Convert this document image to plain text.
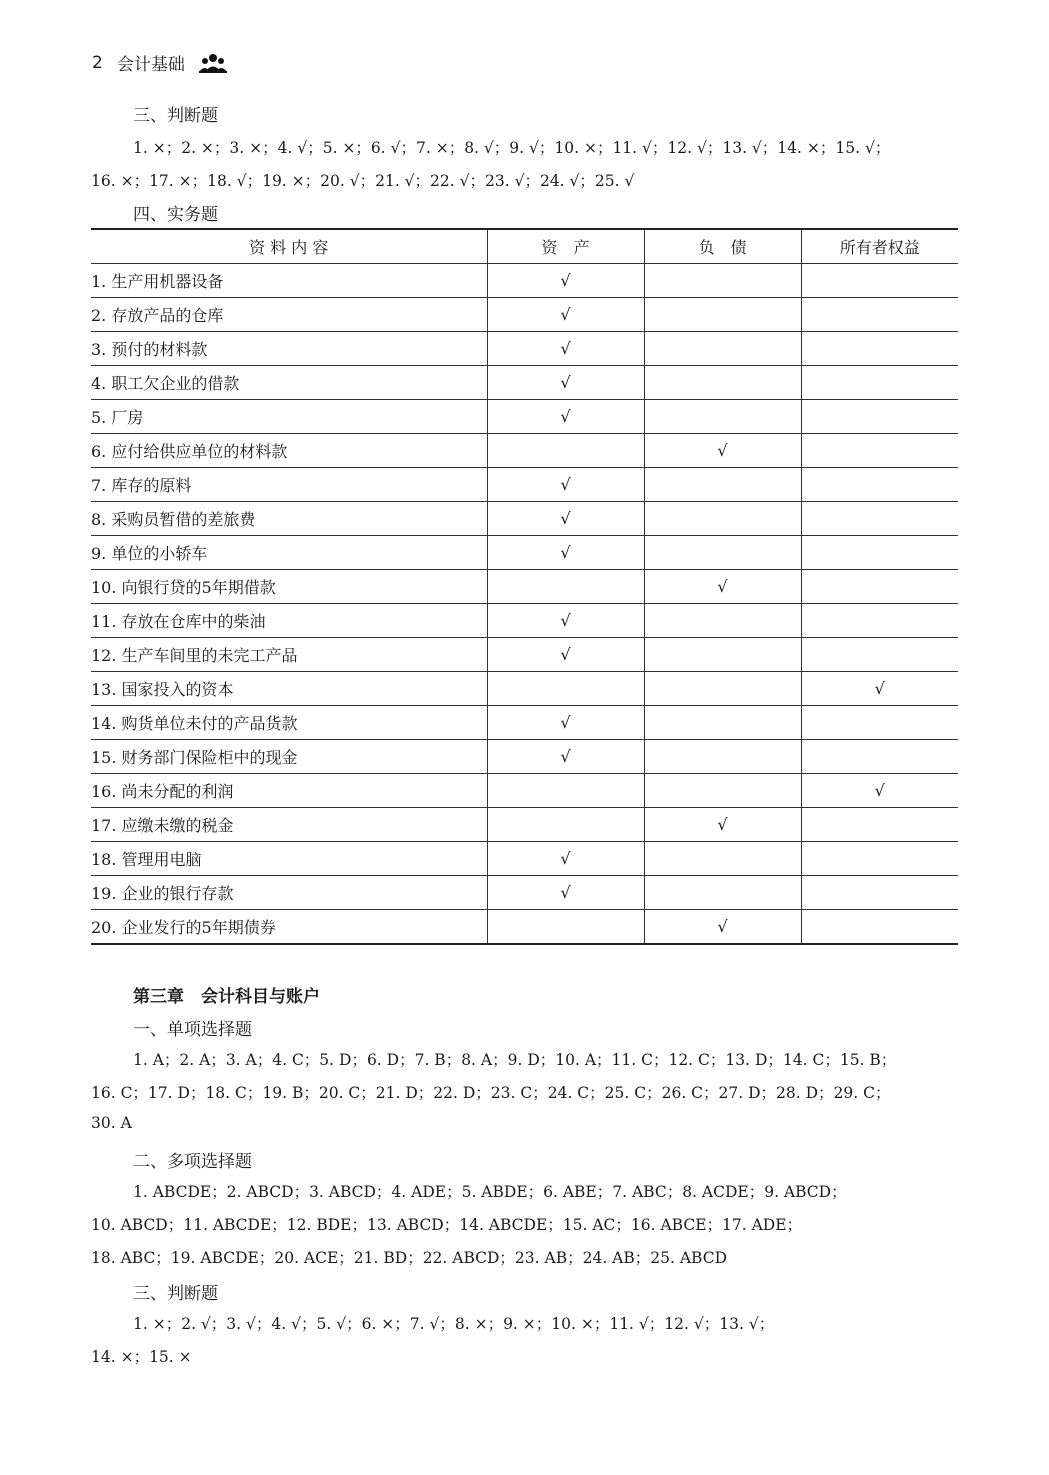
2 会计基础
三、判断题
1. ×；2. ×；3. ×；4. √；5. ×；6. √；7. ×；8. √；9. √；10. ×；11. √；12. √；13. √；14. ×；15. √；
16. ×；17. ×；18. √；19. ×；20. √；21. √；22. √；23. √；24. √；25. √
四、实务题
资 料 内 容	资　产	负　债	所有者权益
1. 生产用机器设备	√		
2. 存放产品的仓库	√		
3. 预付的材料款	√		
4. 职工欠企业的借款	√		
5. 厂房	√		
6. 应付给供应单位的材料款		√	
7. 库存的原料	√		
8. 采购员暂借的差旅费	√		
9. 单位的小轿车	√		
10. 向银行贷的5年期借款		√	
11. 存放在仓库中的柴油	√		
12. 生产车间里的未完工产品	√		
13. 国家投入的资本			√
14. 购货单位未付的产品货款	√		
15. 财务部门保险柜中的现金	√		
16. 尚未分配的利润			√
17. 应缴未缴的税金		√	
18. 管理用电脑	√		
19. 企业的银行存款	√		
20. 企业发行的5年期债券		√	
第三章　会计科目与账户
一、单项选择题
1. A；2. A；3. A；4. C；5. D；6. D；7. B；8. A；9. D；10. A；11. C；12. C；13. D；14. C；15. B；
16. C；17. D；18. C；19. B；20. C；21. D；22. D；23. C；24. C；25. C；26. C；27. D；28. D；29. C；
30. A
二、多项选择题
1. ABCDE；2. ABCD；3. ABCD；4. ADE；5. ABDE；6. ABE；7. ABC；8. ACDE；9. ABCD；
10. ABCD；11. ABCDE；12. BDE；13. ABCD；14. ABCDE；15. AC；16. ABCE；17. ADE；
18. ABC；19. ABCDE；20. ACE；21. BD；22. ABCD；23. AB；24. AB；25. ABCD
三、判断题
1. ×；2. √；3. √；4. √；5. √；6. ×；7. √；8. ×；9. ×；10. ×；11. √；12. √；13. √；
14. ×；15. ×
